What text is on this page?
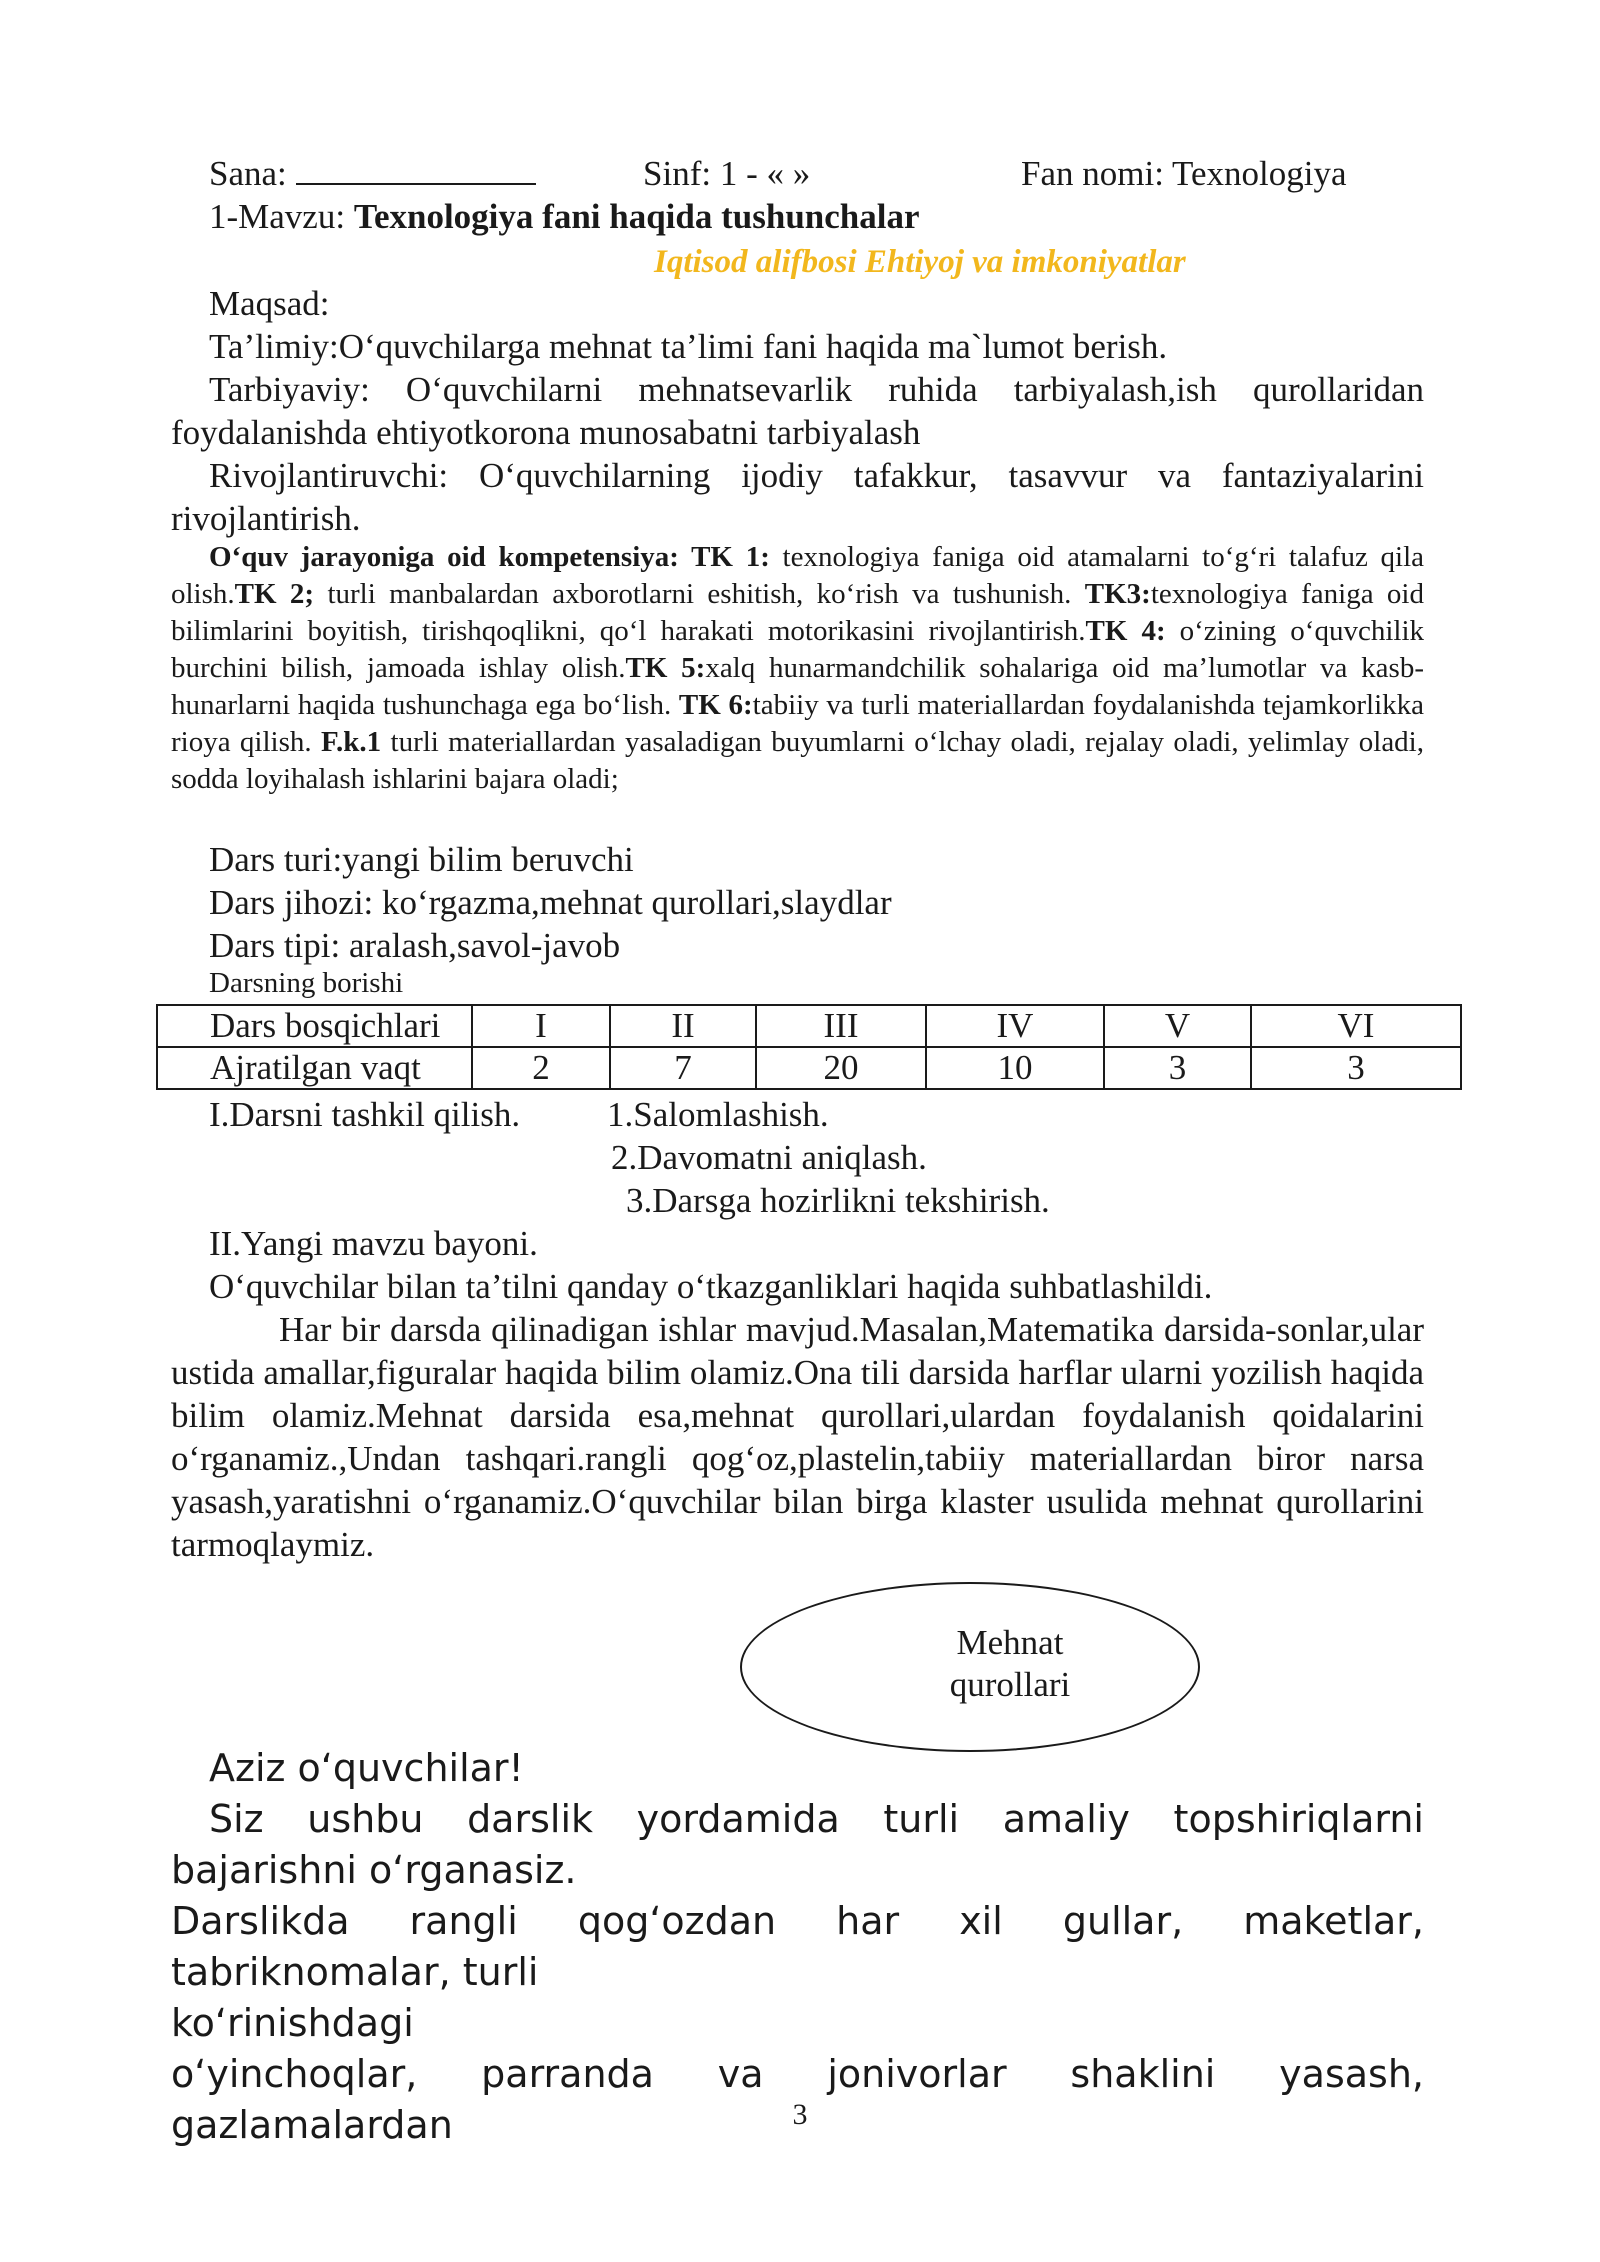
Sana:	Sinf: 1 - « »	Fan nomi: Texnologiya
1-Mavzu: Texnologiya fani haqida tushunchalar
Iqtisod alifbosi Ehtiyoj va imkoniyatlar
Maqsad:
Ta’limiy:O‘quvchilarga mehnat ta’limi fani haqida ma`lumot berish.
Tarbiyaviy: O‘quvchilarni mehnatsevarlik ruhida tarbiyalash,ish qurollaridan foydalanishda ehtiyotkorona munosabatni tarbiyalash
Rivojlantiruvchi: O‘quvchilarning ijodiy tafakkur, tasavvur va fantaziyalarini rivojlantirish.
O‘quv jarayoniga oid kompetensiya: TK 1: texnologiya faniga oid atamalarni to‘g‘ri talafuz qila olish.TK 2; turli manbalardan axborotlarni eshitish, ko‘rish va tushunish. TK3:texnologiya faniga oid bilimlarini boyitish, tirishqoqlikni, qo‘l harakati motorikasini rivojlantirish.TK 4: o‘zining o‘quvchilik burchini bilish, jamoada ishlay olish.TK 5:xalq hunarmandchilik sohalariga oid ma’lumotlar va kasb-hunarlarni haqida tushunchaga ega bo‘lish. TK 6:tabiiy va turli materiallardan foydalanishda tejamkorlikka rioya qilish. F.k.1 turli materiallardan yasaladigan buyumlarni o‘lchay oladi, rejalay oladi, yelimlay oladi, sodda loyihalash ishlarini bajara oladi;
Dars turi:yangi bilim beruvchi
Dars jihozi: ko‘rgazma,mehnat qurollari,slaydlar
Dars tipi: aralash,savol-javob
Darsning borishi
Dars bosqichlari	I	II	III	IV	V	VI
Ajratilgan vaqt	2	7	20	10	3	3
I.Darsni tashkil qilish. 1.Salomlashish.
2.Davomatni aniqlash.
3.Darsga hozirlikni tekshirish.
II.Yangi mavzu bayoni.
O‘quvchilar bilan ta’tilni qanday o‘tkazganliklari haqida suhbatlashildi.
Har bir darsda qilinadigan ishlar mavjud.Masalan,Matematika darsida-sonlar,ular ustida amallar,figuralar haqida bilim olamiz.Ona tili darsida harflar ularni yozilish haqida bilim olamiz.Mehnat darsida esa,mehnat qurollari,ulardan foydalanish qoidalarini o‘rganamiz.,Undan tashqari.rangli qog‘oz,plastelin,tabiiy materiallardan biror narsa yasash,yaratishni o‘rganamiz.O‘quvchilar bilan birga klaster usulida mehnat qurollarini tarmoqlaymiz.
Mehnat
qurollari
Aziz o‘quvchilar!
Siz ushbu darslik yordamida turli amaliy topshiriqlarni bajarishni o‘rganasiz.
Darslikda rangli qog‘ozdan har xil gullar, maketlar, tabriknomalar, turli
ko‘rinishdagi
o‘yinchoqlar, parranda va jonivorlar shaklini yasash, gazlamalardan	3
